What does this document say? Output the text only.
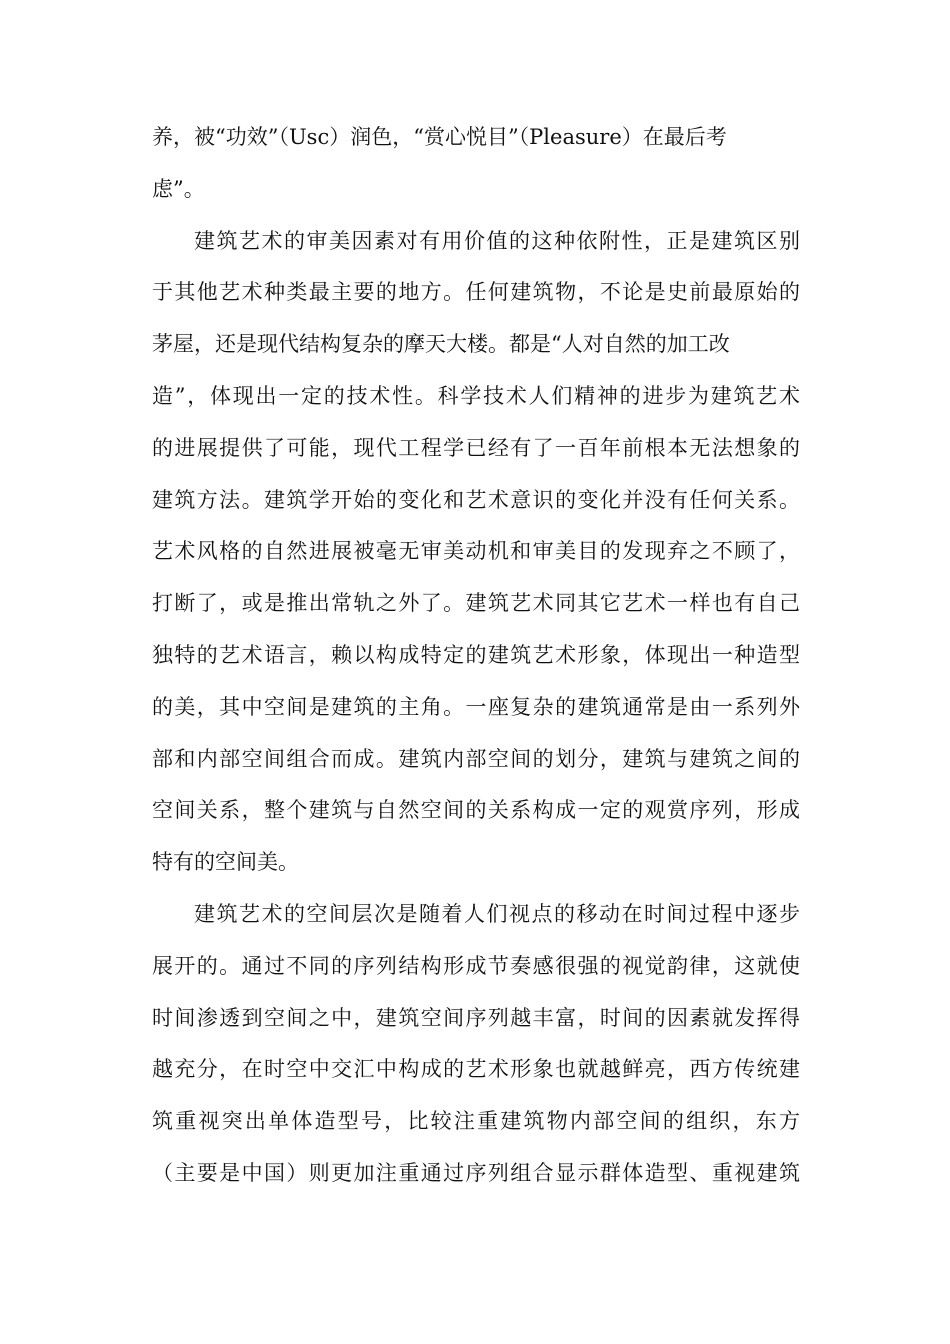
养，被“功效”（Usc）润色，“赏心悦目”（Pleasure）在最后考
虑”。
建筑艺术的审美因素对有用价值的这种依附性，正是建筑区别
于其他艺术种类最主要的地方。任何建筑物，不论是史前最原始的
茅屋，还是现代结构复杂的摩天大楼。都是“人对自然的加工改
造”，体现出一定的技术性。科学技术人们精神的进步为建筑艺术
的进展提供了可能，现代工程学已经有了一百年前根本无法想象的
建筑方法。建筑学开始的变化和艺术意识的变化并没有任何关系。
艺术风格的自然进展被毫无审美动机和审美目的发现弃之不顾了，
打断了，或是推出常轨之外了。建筑艺术同其它艺术一样也有自己
独特的艺术语言，赖以构成特定的建筑艺术形象，体现出一种造型
的美，其中空间是建筑的主角。一座复杂的建筑通常是由一系列外
部和内部空间组合而成。建筑内部空间的划分，建筑与建筑之间的
空间关系，整个建筑与自然空间的关系构成一定的观赏序列，形成
特有的空间美。
建筑艺术的空间层次是随着人们视点的移动在时间过程中逐步
展开的。通过不同的序列结构形成节奏感很强的视觉韵律，这就使
时间渗透到空间之中，建筑空间序列越丰富，时间的因素就发挥得
越充分，在时空中交汇中构成的艺术形象也就越鲜亮，西方传统建
筑重视突出单体造型号，比较注重建筑物内部空间的组织，东方
（主要是中国）则更加注重通过序列组合显示群体造型、重视建筑
